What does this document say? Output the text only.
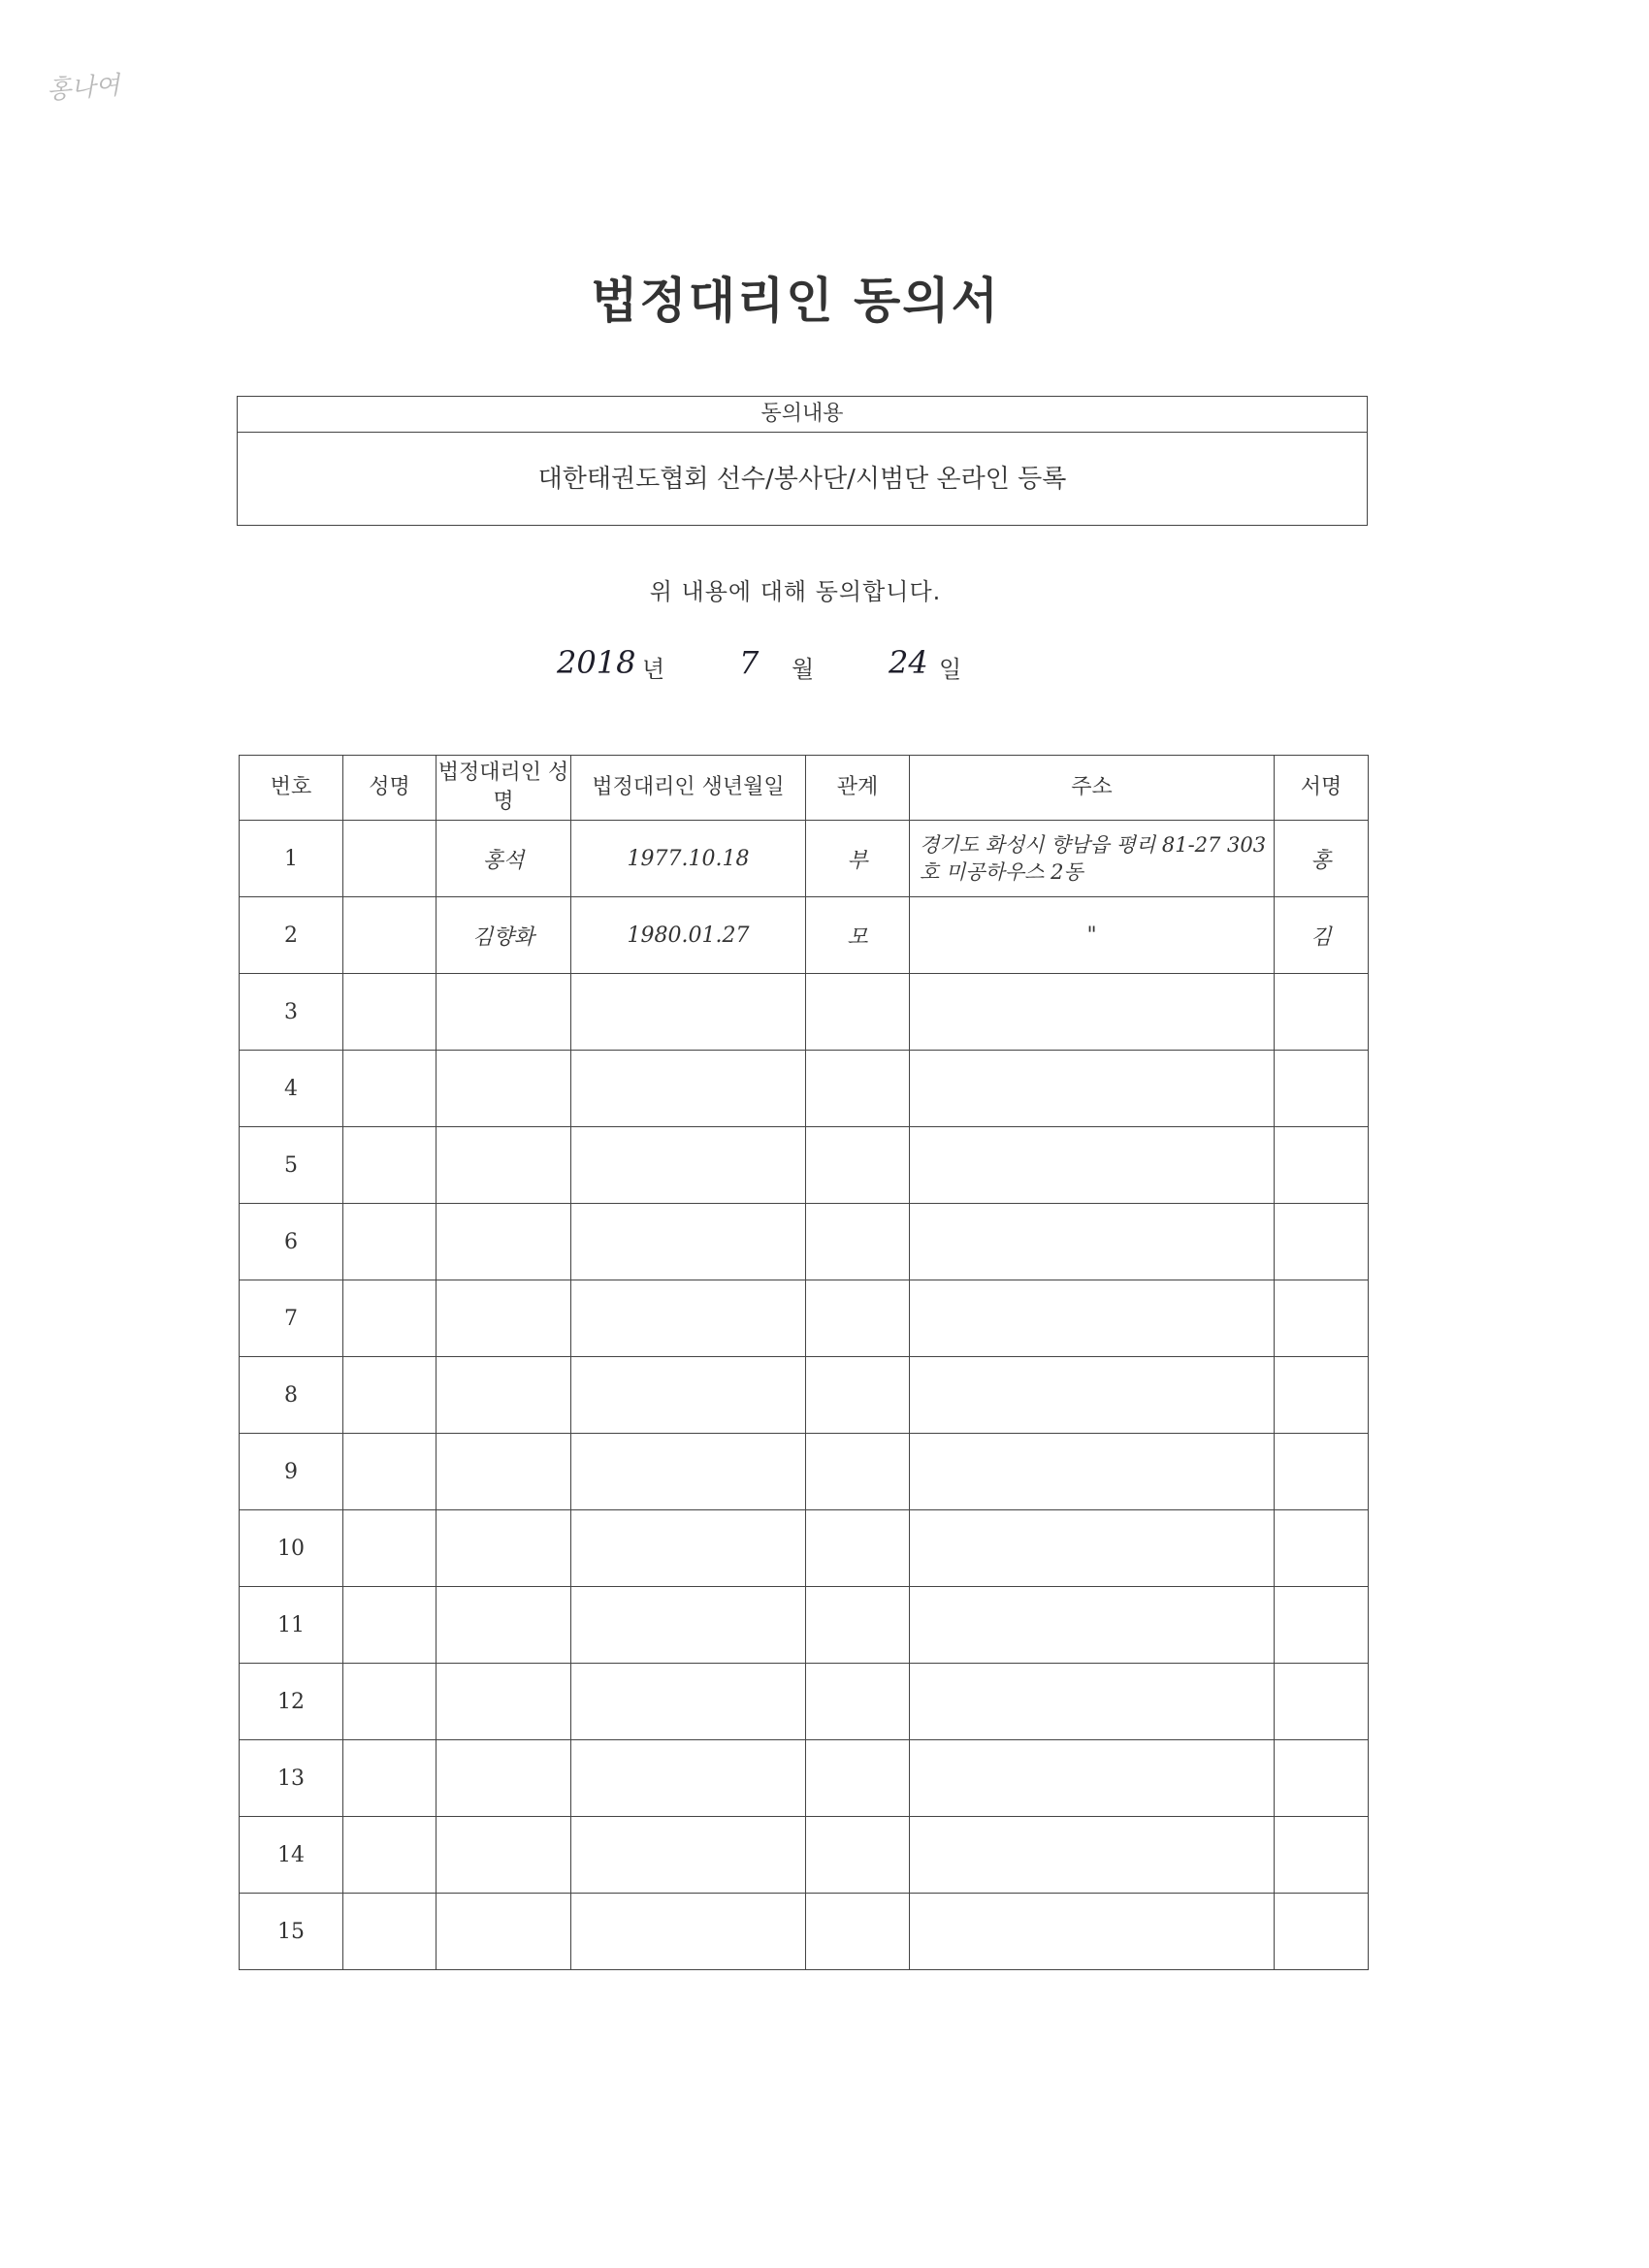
홍나여
법정대리인 동의서
동의내용
대한태권도협회 선수/봉사단/시범단 온라인 등록
위 내용에 대해 동의합니다.
2018 년 7 월 24 일
번호	성명	법정대리인 성명	법정대리인 생년월일	관계	주소	서명
1		홍석	1977.10.18	부	경기도 화성시 향남읍 평리 81-27 303호 미공하우스 2동	홍
2		김향화	1980.01.27	모	"	김
3						
4						
5						
6						
7						
8						
9						
10						
11						
12						
13						
14						
15						
